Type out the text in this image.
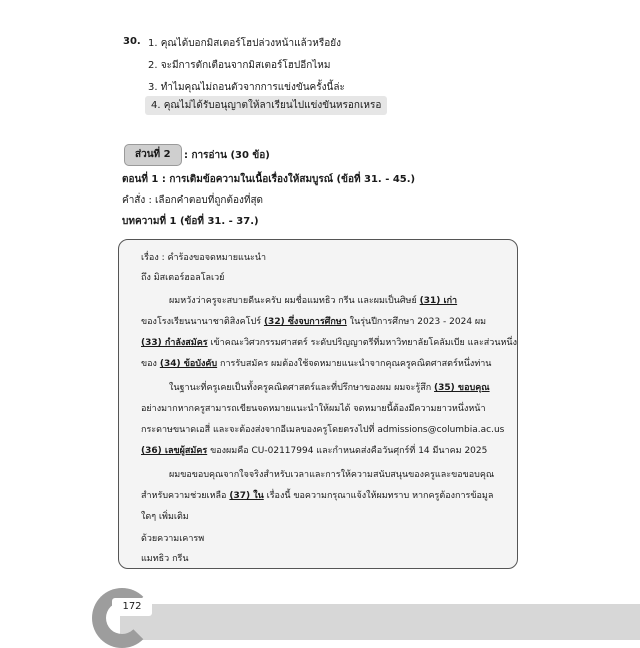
30. 1. คุณได้บอกมิสเตอร์โฮปล่วงหน้าแล้วหรือยัง
2. จะมีการตักเตือนจากมิสเตอร์โฮปอีกไหม
3. ทำไมคุณไม่ถอนตัวจากการแข่งขันครั้งนี้ล่ะ
4. คุณไม่ได้รับอนุญาตให้ลาเรียนไปแข่งขันหรอกเหรอ
ส่วนที่ 2	: การอ่าน (30 ข้อ)
ตอนที่ 1 : การเติมข้อความในเนื้อเรื่องให้สมบูรณ์ (ข้อที่ 31. - 45.)
คำสั่ง : เลือกคำตอบที่ถูกต้องที่สุด
บทความที่ 1 (ข้อที่ 31. - 37.)
เรื่อง : คำร้องขอจดหมายแนะนำ
ถึง มิสเตอร์ฮอลโลเวย์
ผมหวังว่าครูจะสบายดีนะครับ ผมชื่อแมทธิว กรีน และผมเป็นศิษย์ (31) เก่า
ของโรงเรียนนานาชาติสิงคโปร์ (32) ซึ่งจบการศึกษา ในรุ่นปีการศึกษา 2023 - 2024 ผม
(33) กำลังสมัคร เข้าคณะวิศวกรรมศาสตร์ ระดับปริญญาตรีที่มหาวิทยาลัยโคลัมเบีย และส่วนหนึ่ง
ของ (34) ข้อบังคับ การรับสมัคร ผมต้องใช้จดหมายแนะนำจากคุณครูคณิตศาสตร์หนึ่งท่าน
ในฐานะที่ครูเคยเป็นทั้งครูคณิตศาสตร์และที่ปรึกษาของผม ผมจะรู้สึก (35) ขอบคุณ
อย่างมากหากครูสามารถเขียนจดหมายแนะนำให้ผมได้ จดหมายนี้ต้องมีความยาวหนึ่งหน้า
กระดาษขนาดเอสี่ และจะต้องส่งจากอีเมลของครูโดยตรงไปที่ admissions@columbia.ac.us
(36) เลขผู้สมัคร ของผมคือ CU-02117994 และกำหนดส่งคือวันศุกร์ที่ 14 มีนาคม 2025
ผมขอขอบคุณจากใจจริงสำหรับเวลาและการให้ความสนับสนุนของครูและขอขอบคุณ
สำหรับความช่วยเหลือ (37) ใน เรื่องนี้ ขอความกรุณาแจ้งให้ผมทราบ หากครูต้องการข้อมูล
ใดๆ เพิ่มเติม
ด้วยความเคารพ
แมทธิว กรีน
172
